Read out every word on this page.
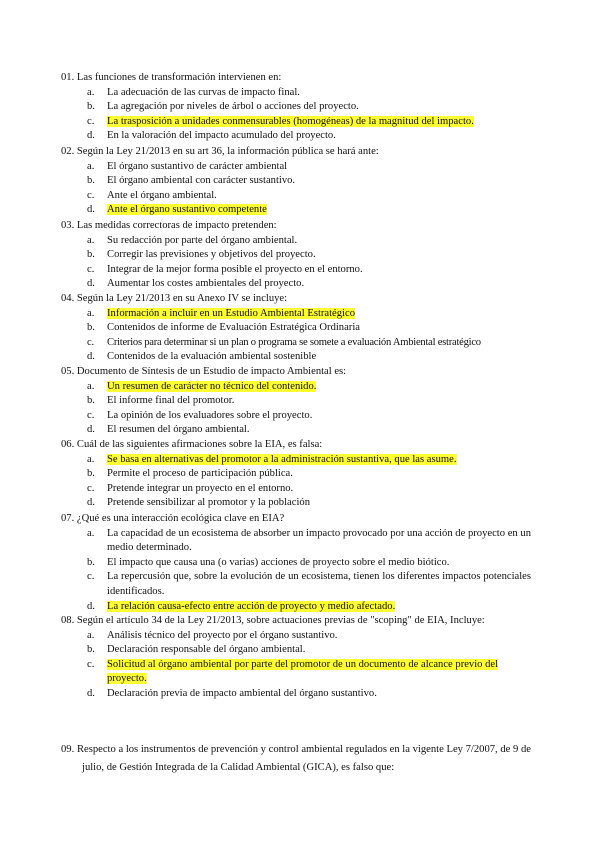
01. Las funciones de transformación intervienen en:
a. La adecuación de las curvas de impacto final.
b. La agregación por niveles de árbol o acciones del proyecto.
c. La trasposición a unidades conmensurables (homogéneas) de la magnitud del impacto.
d. En la valoración del impacto acumulado del proyecto.
02. Según la Ley 21/2013 en su art 36, la información pública se hará ante:
a. El órgano sustantivo de carácter ambiental
b. El órgano ambiental con carácter sustantivo.
c. Ante el órgano ambiental.
d. Ante el órgano sustantivo competente
03. Las medidas correctoras de impacto pretenden:
a. Su redacción por parte del órgano ambiental.
b. Corregir las previsiones y objetivos del proyecto.
c. Integrar de la mejor forma posible el proyecto en el entorno.
d. Aumentar los costes ambientales del proyecto.
04. Según la Ley 21/2013 en su Anexo IV se incluye:
a. Información a incluir en un Estudio Ambiental Estratégico
b. Contenidos de informe de Evaluación Estratégica Ordinaria
c. Criterios para determinar si un plan o programa se somete a evaluación Ambiental estratégico
d. Contenidos de la evaluación ambiental sostenible
05. Documento de Síntesis de un Estudio de impacto Ambiental es:
a. Un resumen de carácter no técnico del contenido.
b. El informe final del promotor.
c. La opinión de los evaluadores sobre el proyecto.
d. El resumen del órgano ambiental.
06. Cuál de las siguientes afirmaciones sobre la EIA, es falsa:
a. Se basa en alternativas del promotor a la administración sustantiva, que las asume.
b. Permite el proceso de participación pública.
c. Pretende integrar un proyecto en el entorno.
d. Pretende sensibilizar al promotor y la población
07. ¿Qué es una interacción ecológica clave en EIA?
a. La capacidad de un ecosistema de absorber un impacto provocado por una acción de proyecto en un medio determinado.
b. El impacto que causa una (o varias) acciones de proyecto sobre el medio biótico.
c. La repercusión que, sobre la evolución de un ecosistema, tienen los diferentes impactos potenciales identificados.
d. La relación causa-efecto entre acción de proyecto y medio afectado.
08. Según el artículo 34 de la Ley 21/2013, sobre actuaciones previas de "scoping" de EIA, Incluye:
a. Análisis técnico del proyecto por el órgano sustantivo.
b. Declaración responsable del órgano ambiental.
c. Solicitud al órgano ambiental por parte del promotor de un documento de alcance previo del proyecto.
d. Declaración previa de impacto ambiental del órgano sustantivo.
09. Respecto a los instrumentos de prevención y control ambiental regulados en la vigente Ley 7/2007, de 9 de julio, de Gestión Integrada de la Calidad Ambiental (GICA), es falso que:
